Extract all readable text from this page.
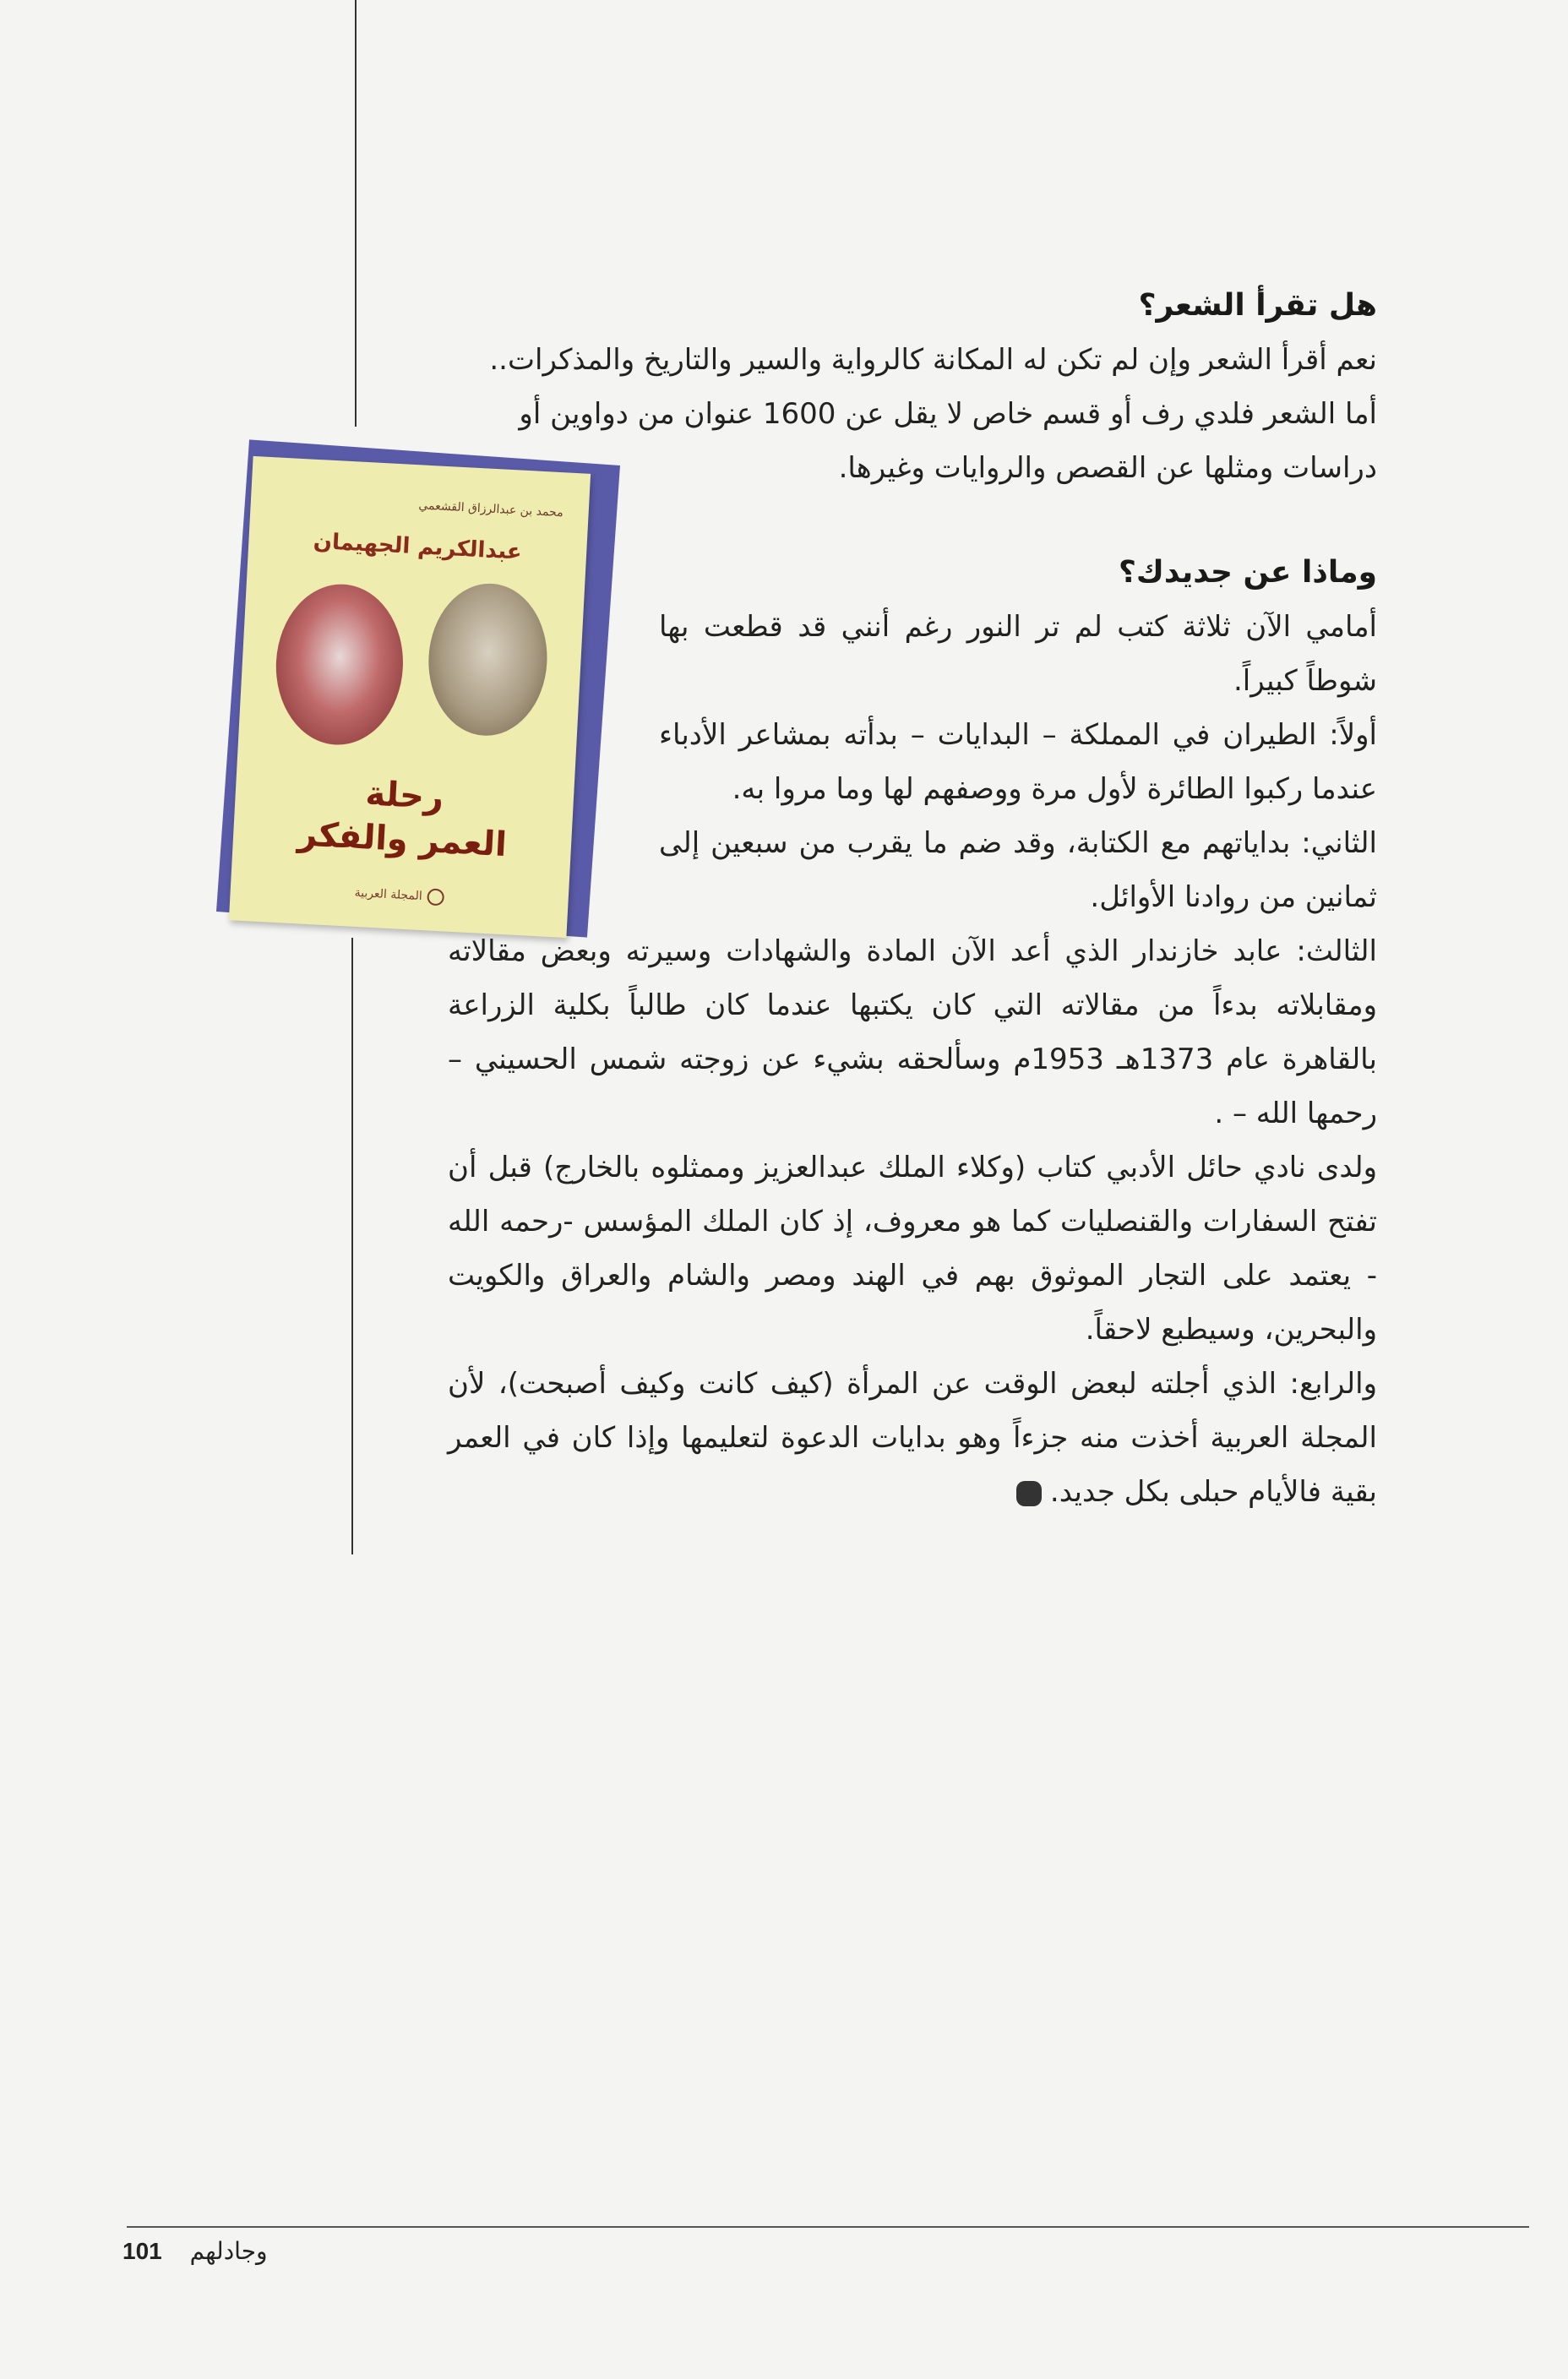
محمد بن عبدالرزاق القشعمي
عبدالكريم الجهيمان
رحلة
العمر والفكر
المجلة العربية

هل تقرأ الشعر؟

نعم أقرأ الشعر وإن لم تكن له المكانة كالرواية والسير والتاريخ والمذكرات..

أما الشعر فلدي رف أو قسم خاص لا يقل عن 1600 عنوان من دواوين أو

دراسات ومثلها عن القصص والروايات وغيرها.

وماذا عن جديدك؟

أمامي الآن ثلاثة كتب لم تر النور رغم أنني قد قطعت بها شوطاً كبيراً.

أولاً: الطيران في المملكة – البدايات – بدأته بمشاعر الأدباء عندما ركبوا الطائرة لأول مرة ووصفهم لها وما مروا به.

الثاني: بداياتهم مع الكتابة، وقد ضم ما يقرب من سبعين إلى ثمانين من روادنا الأوائل.

الثالث: عابد خازندار الذي أعد الآن المادة والشهادات وسيرته وبعض مقالاته ومقابلاته بدءاً من مقالاته التي كان يكتبها عندما كان طالباً بكلية الزراعة بالقاهرة عام 1373هـ 1953م وسألحقه بشيء عن زوجته شمس الحسيني – رحمها الله – .

ولدى نادي حائل الأدبي كتاب (وكلاء الملك عبدالعزيز وممثلوه بالخارج) قبل أن تفتح السفارات والقنصليات كما هو معروف، إذ كان الملك المؤسس -رحمه الله - يعتمد على التجار الموثوق بهم في الهند ومصر والشام والعراق والكويت والبحرين، وسيطبع لاحقاً.

والرابع: الذي أجلته لبعض الوقت عن المرأة (كيف كانت وكيف أصبحت)، لأن المجلة العربية أخذت منه جزءاً وهو بدايات الدعوة لتعليمها وإذا كان في العمر بقية فالأيام حبلى بكل جديد.

وجادلهم 101
